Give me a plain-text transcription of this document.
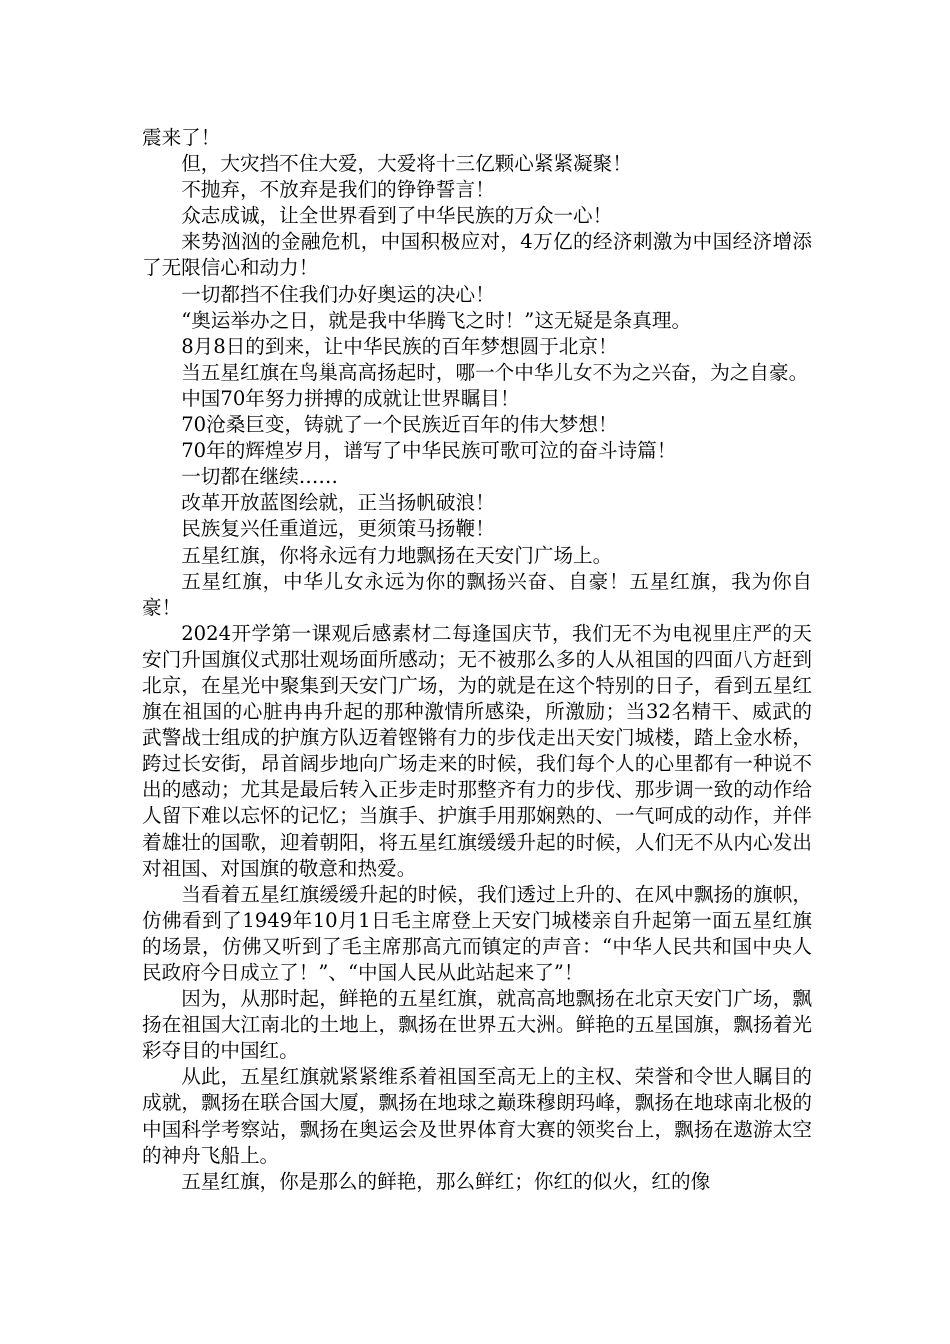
震来了！

但，大灾挡不住大爱，大爱将十三亿颗心紧紧凝聚！

不抛弃，不放弃是我们的铮铮誓言！

众志成诚，让全世界看到了中华民族的万众一心！

来势汹汹的金融危机，中国积极应对，4万亿的经济刺激为中国经济增添了无限信心和动力！

一切都挡不住我们办好奥运的决心！

“奥运举办之日，就是我中华腾飞之时！”这无疑是条真理。

8月8日的到来，让中华民族的百年梦想圆于北京！

当五星红旗在鸟巢高高扬起时，哪一个中华儿女不为之兴奋，为之自豪。

中国70年努力拼搏的成就让世界瞩目！

70沧桑巨变，铸就了一个民族近百年的伟大梦想！

70年的辉煌岁月，谱写了中华民族可歌可泣的奋斗诗篇！

一切都在继续……

改革开放蓝图绘就，正当扬帆破浪！

民族复兴任重道远，更须策马扬鞭！

五星红旗，你将永远有力地飘扬在天安门广场上。

五星红旗，中华儿女永远为你的飘扬兴奋、自豪！五星红旗，我为你自豪！

2024开学第一课观后感素材二每逢国庆节，我们无不为电视里庄严的天安门升国旗仪式那壮观场面所感动；无不被那么多的人从祖国的四面八方赶到北京，在星光中聚集到天安门广场，为的就是在这个特别的日子，看到五星红旗在祖国的心脏冉冉升起的那种激情所感染，所激励；当32名精干、威武的武警战士组成的护旗方队迈着铿锵有力的步伐走出天安门城楼，踏上金水桥，跨过长安街，昂首阔步地向广场走来的时候，我们每个人的心里都有一种说不出的感动；尤其是最后转入正步走时那整齐有力的步伐、那步调一致的动作给人留下难以忘怀的记忆；当旗手、护旗手用那娴熟的、一气呵成的动作，并伴着雄壮的国歌，迎着朝阳，将五星红旗缓缓升起的时候，人们无不从内心发出对祖国、对国旗的敬意和热爱。

当看着五星红旗缓缓升起的时候，我们透过上升的、在风中飘扬的旗帜，仿佛看到了1949年10月1日毛主席登上天安门城楼亲自升起第一面五星红旗的场景，仿佛又听到了毛主席那高亢而镇定的声音：“中华人民共和国中央人民政府今日成立了！”、“中国人民从此站起来了”！

因为，从那时起，鲜艳的五星红旗，就高高地飘扬在北京天安门广场，飘扬在祖国大江南北的土地上，飘扬在世界五大洲。鲜艳的五星国旗，飘扬着光彩夺目的中国红。

从此，五星红旗就紧紧维系着祖国至高无上的主权、荣誉和令世人瞩目的成就，飘扬在联合国大厦，飘扬在地球之巅珠穆朗玛峰，飘扬在地球南北极的中国科学考察站，飘扬在奥运会及世界体育大赛的领奖台上，飘扬在遨游太空的神舟飞船上。

五星红旗，你是那么的鲜艳，那么鲜红；你红的似火，红的像
